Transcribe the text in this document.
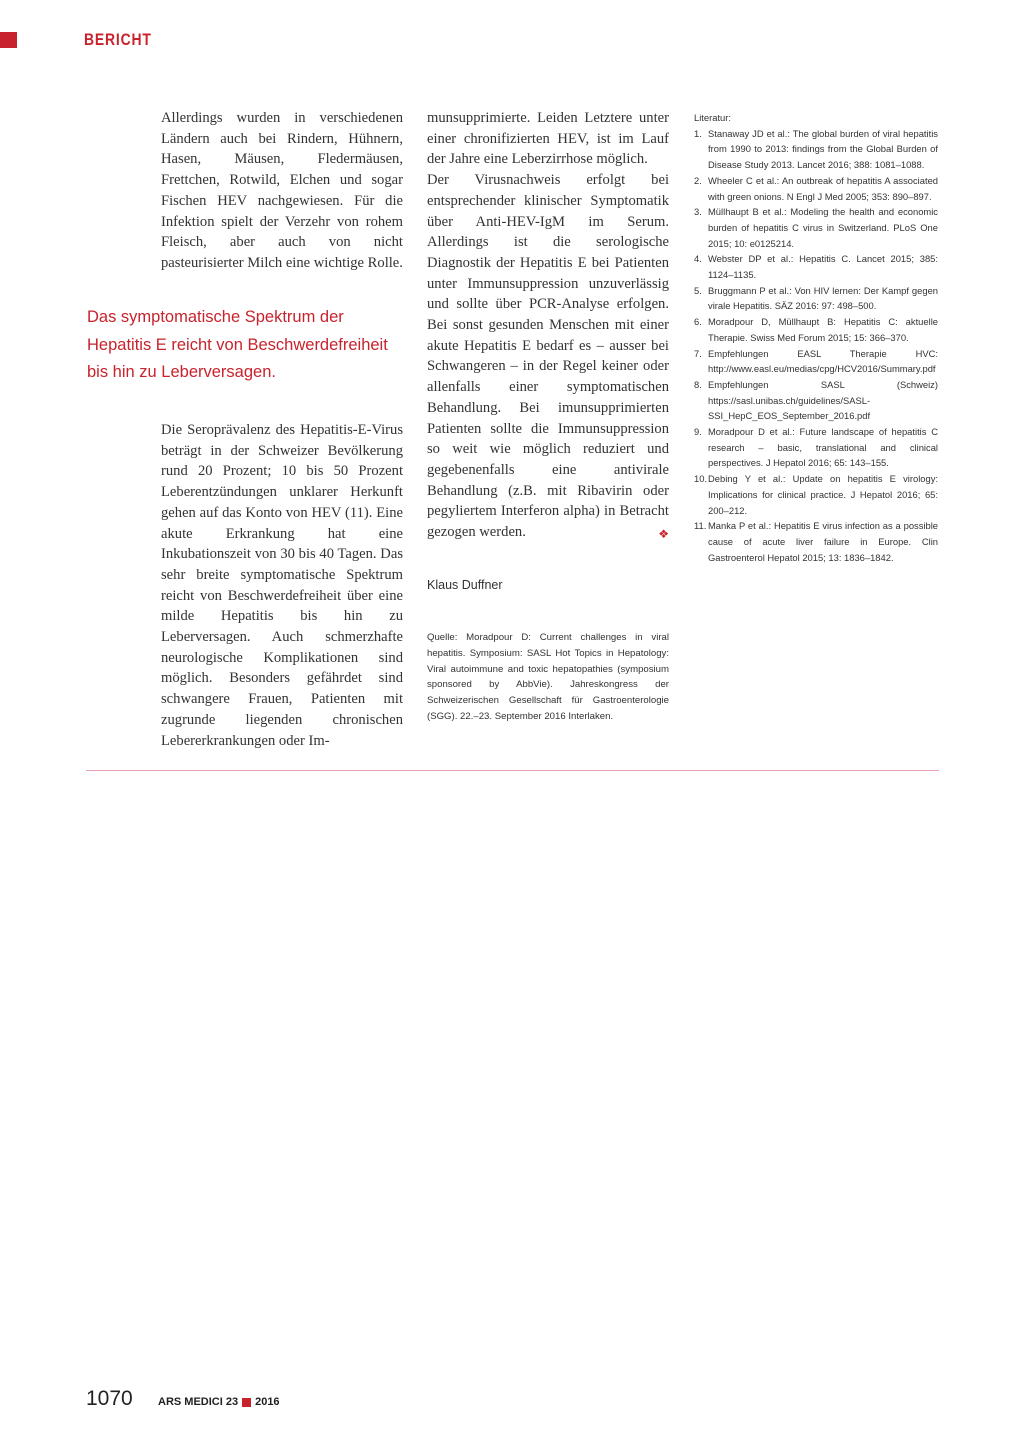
BERICHT

Allerdings wurden in verschiedenen Ländern auch bei Rindern, Hühnern, Hasen, Mäusen, Fledermäusen, Frettchen, Rotwild, Elchen und sogar Fischen HEV nachgewiesen. Für die Infektion spielt der Verzehr von rohem Fleisch, aber auch von nicht pasteurisierter Milch eine wichtige Rolle.

Das symptomatische Spektrum der Hepatitis E reicht von Beschwerdefreiheit bis hin zu Leberversagen.

Die Seroprävalenz des Hepatitis-E-Virus beträgt in der Schweizer Bevölkerung rund 20 Prozent; 10 bis 50 Prozent Leberentzündungen unklarer Herkunft gehen auf das Konto von HEV (11). Eine akute Erkrankung hat eine Inkubationszeit von 30 bis 40 Tagen. Das sehr breite symptomatische Spektrum reicht von Beschwerdefreiheit über eine milde Hepatitis bis hin zu Leberversagen. Auch schmerzhafte neurologische Komplikationen sind möglich. Besonders gefährdet sind schwangere Frauen, Patienten mit zugrunde liegenden chronischen Lebererkrankungen oder Im-

munsupprimierte. Leiden Letztere unter einer chronifizierten HEV, ist im Lauf der Jahre eine Leberzirrhose möglich.

Der Virusnachweis erfolgt bei entsprechender klinischer Symptomatik über Anti-HEV-IgM im Serum. Allerdings ist die serologische Diagnostik der Hepatitis E bei Patienten unter Immunsuppression unzuverlässig und sollte über PCR-Analyse erfolgen. Bei sonst gesunden Menschen mit einer akute Hepatitis E bedarf es – ausser bei Schwangeren – in der Regel keiner oder allenfalls einer symptomatischen Behandlung. Bei imunsupprimierten Patienten sollte die Immunsuppression so weit wie möglich reduziert und gegebenenfalls eine antivirale Behandlung (z.B. mit Ribavirin oder pegyliertem Interferon alpha) in Betracht gezogen werden.	❖

Klaus Duffner
Quelle: Moradpour D: Current challenges in viral hepatitis. Symposium: SASL Hot Topics in Hepatology: Viral autoimmune and toxic hepatopathies (symposium sponsored by AbbVie). Jahreskongress der Schweizerischen Gesellschaft für Gastroenterologie (SGG). 22.–23. September 2016 Interlaken.
Literatur:
1. Stanaway JD et al.: The global burden of viral hepatitis from 1990 to 2013: findings from the Global Burden of Disease Study 2013. Lancet 2016; 388: 1081–1088.
2. Wheeler C et al.: An outbreak of hepatitis A associated with green onions. N Engl J Med 2005; 353: 890–897.
3. Müllhaupt B et al.: Modeling the health and economic burden of hepatitis C virus in Switzerland. PLoS One 2015; 10: e0125214.
4. Webster DP et al.: Hepatitis C. Lancet 2015; 385: 1124–1135.
5. Bruggmann P et al.: Von HIV lernen: Der Kampf gegen virale Hepatitis. SÄZ 2016: 97: 498–500.
6. Moradpour D, Müllhaupt B: Hepatitis C: aktuelle Therapie. Swiss Med Forum 2015; 15: 366–370.
7. Empfehlungen EASL Therapie HVC: http://www.easl.eu/medias/cpg/HCV2016/Summary.pdf
8. Empfehlungen SASL (Schweiz) https://sasl.unibas.ch/guidelines/SASL-SSI_HepC_EOS_September_2016.pdf
9. Moradpour D et al.: Future landscape of hepatitis C research – basic, translational and clinical perspectives. J Hepatol 2016; 65: 143–155.
10. Debing Y et al.: Update on hepatitis E virology: Implications for clinical practice. J Hepatol 2016; 65: 200–212.
11. Manka P et al.: Hepatitis E virus infection as a possible cause of acute liver failure in Europe. Clin Gastroenterol Hepatol 2015; 13: 1836–1842.
1070 ARS MEDICI 23 2016
